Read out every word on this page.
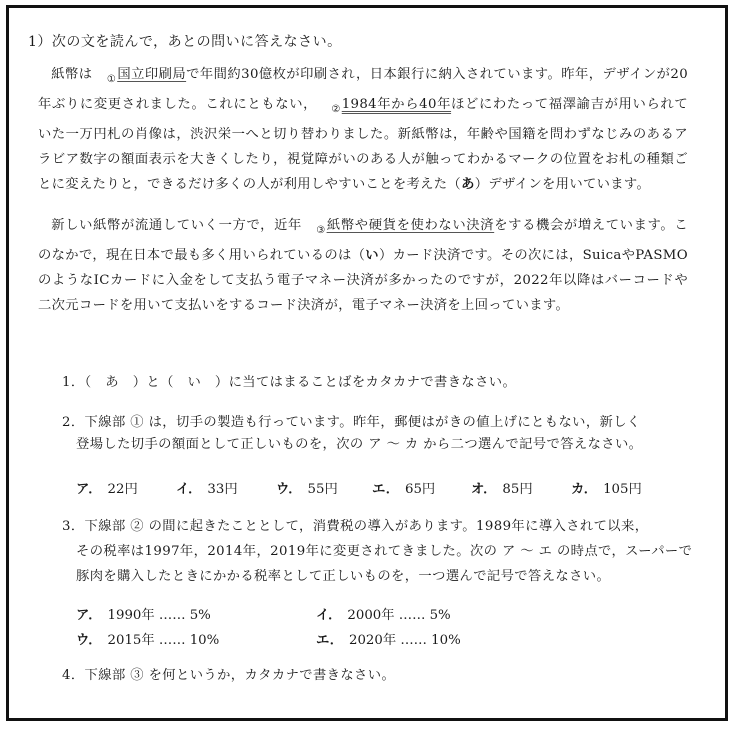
1）次の文を読んで，あとの問いに答えなさい。
紙幣は ①国立印刷局で年間約30億枚が印刷され，日本銀行に納入されています。昨年，デザインが20年ぶりに変更されました。これにともない， ②1984年から40年ほどにわたって福澤諭吉が用いられていた一万円札の肖像は，渋沢栄一へと切り替わりました。新紙幣は，年齢や国籍を問わずなじみのあるアラビア数字の額面表示を大きくしたり，視覚障がいのある人が触ってわかるマークの位置をお札の種類ごとに変えたりと，できるだけ多くの人が利用しやすいことを考えた（あ）デザインを用いています。
新しい紙幣が流通していく一方で，近年 ③紙幣や硬貨を使わない決済をする機会が増えています。このなかで，現在日本で最も多く用いられているのは（い）カード決済です。その次には，SuicaやPASMOのようなICカードに入金をして支払う電子マネー決済が多かったのですが，2022年以降はバーコードや二次元コードを用いて支払いをするコード決済が，電子マネー決済を上回っています。
1．（　あ　）と（　い　）に当てはまることばをカタカナで書きなさい。
2．下線部 ① は，切手の製造も行っています。昨年，郵便はがきの値上げにともない，新しく
登場した切手の額面として正しいものを，次の ア ～ カ から二つ選んで記号で答えなさい。
ア． 22円	イ． 33円	ウ． 55円	エ． 65円	オ． 85円	カ． 105円
3．下線部 ② の間に起きたこととして，消費税の導入があります。1989年に導入されて以来，
その税率は1997年，2014年，2019年に変更されてきました。次の ア ～ エ の時点で，スーパーで
豚肉を購入したときにかかる税率として正しいものを，一つ選んで記号で答えなさい。
ア． 1990年 …… 5%	イ． 2000年 …… 5%
ウ． 2015年 …… 10%	エ． 2020年 …… 10%
4．下線部 ③ を何というか，カタカナで書きなさい。
